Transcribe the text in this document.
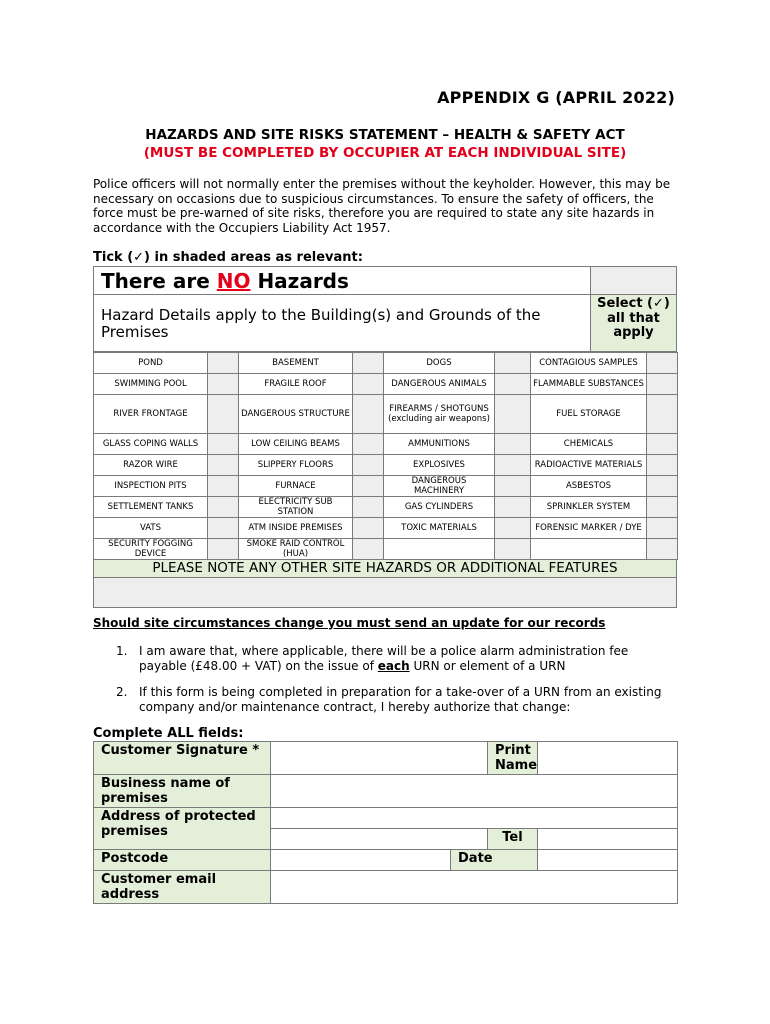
APPENDIX G (APRIL 2022)
HAZARDS AND SITE RISKS STATEMENT – HEALTH & SAFETY ACT
(MUST BE COMPLETED BY OCCUPIER AT EACH INDIVIDUAL SITE)
Police officers will not normally enter the premises without the keyholder. However, this may be necessary on occasions due to suspicious circumstances. To ensure the safety of officers, the force must be pre-warned of site risks, therefore you are required to state any site hazards in accordance with the Occupiers Liability Act 1957.
Tick (✓) in shaded areas as relevant:
There are NO Hazards
Hazard Details apply to the Building(s) and Grounds of the Premises
Select (✓) all that apply
POND		BASEMENT		DOGS		CONTAGIOUS SAMPLES	
SWIMMING POOL		FRAGILE ROOF		DANGEROUS ANIMALS		FLAMMABLE SUBSTANCES	
RIVER FRONTAGE		DANGEROUS STRUCTURE		FIREARMS / SHOTGUNS (excluding air weapons)		FUEL STORAGE	
GLASS COPING WALLS		LOW CEILING BEAMS		AMMUNITIONS		CHEMICALS	
RAZOR WIRE		SLIPPERY FLOORS		EXPLOSIVES		RADIOACTIVE MATERIALS	
INSPECTION PITS		FURNACE		DANGEROUS MACHINERY		ASBESTOS	
SETTLEMENT TANKS		ELECTRICITY SUB STATION		GAS CYLINDERS		SPRINKLER SYSTEM	
VATS		ATM INSIDE PREMISES		TOXIC MATERIALS		FORENSIC MARKER / DYE	
SECURITY FOGGING DEVICE		SMOKE RAID CONTROL (HUA)					
PLEASE NOTE ANY OTHER SITE HAZARDS OR ADDITIONAL FEATURES
Should site circumstances change you must send an update for our records
1. I am aware that, where applicable, there will be a police alarm administration fee payable (£48.00 + VAT) on the issue of each URN or element of a URN
2. If this form is being completed in preparation for a take-over of a URN from an existing company and/or maintenance contract, I hereby authorize that change:
Complete ALL fields:
Customer Signature *			Print Name	
Business name of premises				
Address of protected premises				
			Tel	
Postcode		Date		
Customer email address				
